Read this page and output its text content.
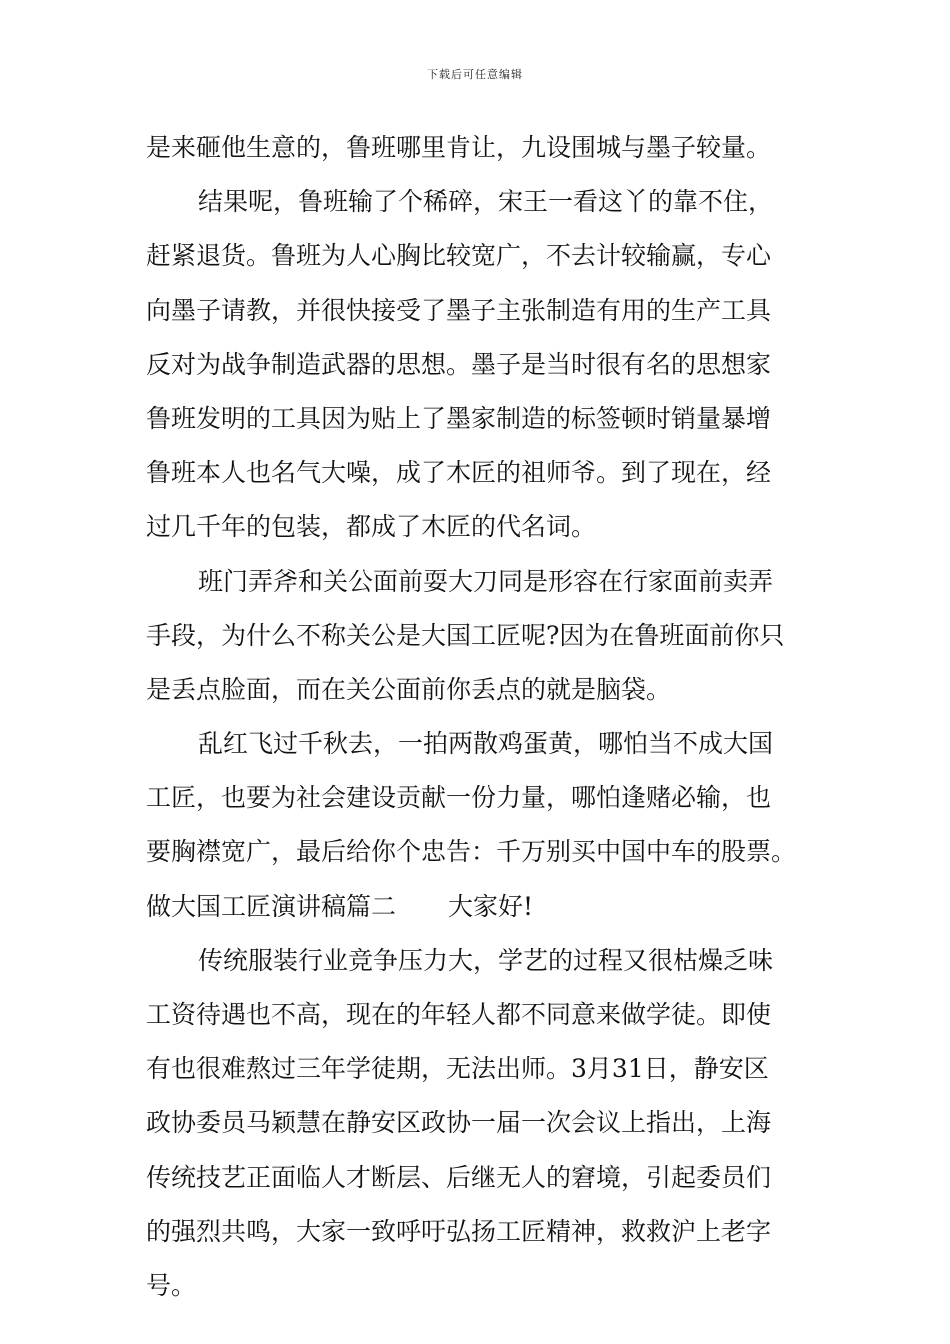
下载后可任意编辑
是来砸他生意的，鲁班哪里肯让，九设围城与墨子较量。
结果呢，鲁班输了个稀碎，宋王一看这丫的靠不住，
赶紧退货。鲁班为人心胸比较宽广，不去计较输赢，专心
向墨子请教，并很快接受了墨子主张制造有用的生产工具
反对为战争制造武器的思想。墨子是当时很有名的思想家
鲁班发明的工具因为贴上了墨家制造的标签顿时销量暴增
鲁班本人也名气大噪，成了木匠的祖师爷。到了现在，经
过几千年的包装，都成了木匠的代名词。
班门弄斧和关公面前耍大刀同是形容在行家面前卖弄
手段，为什么不称关公是大国工匠呢?因为在鲁班面前你只
是丢点脸面，而在关公面前你丢点的就是脑袋。
乱红飞过千秋去，一拍两散鸡蛋黄，哪怕当不成大国
工匠，也要为社会建设贡献一份力量，哪怕逢赌必输，也
要胸襟宽广，最后给你个忠告：千万别买中国中车的股票。
做大国工匠演讲稿篇二 大家好!
传统服装行业竞争压力大，学艺的过程又很枯燥乏味
工资待遇也不高，现在的年轻人都不同意来做学徒。即使
有也很难熬过三年学徒期，无法出师。3月31日，静安区
政协委员马颖慧在静安区政协一届一次会议上指出，上海
传统技艺正面临人才断层、后继无人的窘境，引起委员们
的强烈共鸣，大家一致呼吁弘扬工匠精神，救救沪上老字
号。
